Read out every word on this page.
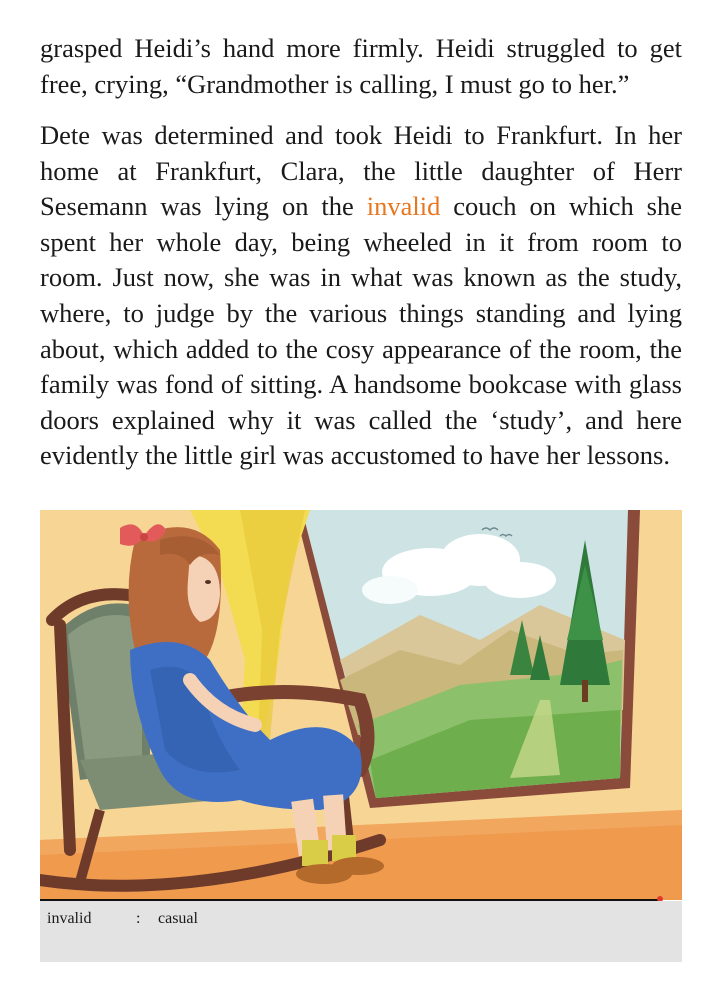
grasped Heidi’s hand more firmly. Heidi struggled to get free, crying, “Grandmother is calling, I must go to her.”

Dete was determined and took Heidi to Frankfurt. In her home at Frankfurt, Clara, the little daughter of Herr Sesemann was lying on the invalid couch on which she spent her whole day, being wheeled in it from room to room. Just now, she was in what was known as the study, where, to judge by the various things standing and lying about, which added to the cosy appearance of the room, the family was fond of sitting. A handsome bookcase with glass doors explained why it was called the ‘study’, and here evidently the little girl was accustomed to have her lessons.

invalid	: casual
